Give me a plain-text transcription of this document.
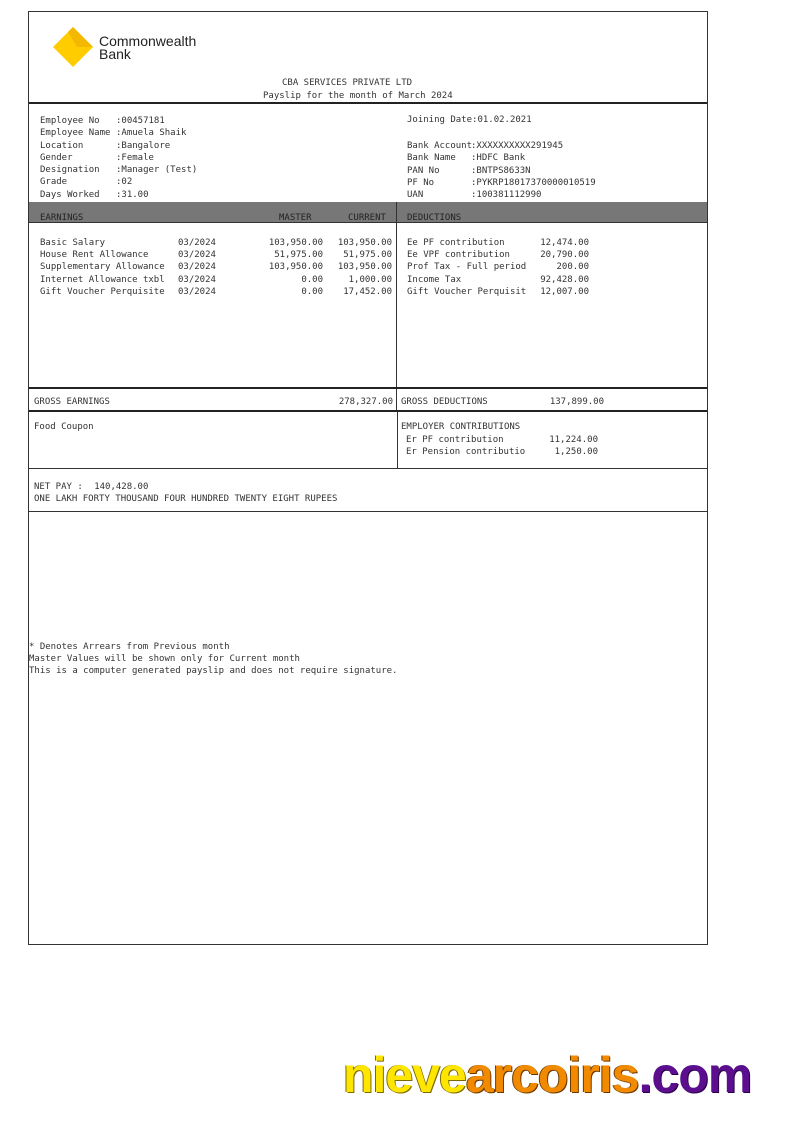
Commonwealth
Bank
CBA SERVICES PRIVATE LTD
Payslip for the month of March 2024
Employee No :00457181
Employee Name :Amuela Shaik
Location	:Bangalore
Gender	:Female
Designation :Manager (Test)
Grade	:02
Days Worked :31.00
Joining Date:01.02.2021
Bank Account:XXXXXXXXXX291945
Bank Name :HDFC Bank
PAN No	:BNTPS8633N
PF No	:PYKRP18017370000010519
UAN	:100381112990
EARNINGS	MASTER	CURRENT DEDUCTIONS
Basic Salary	03/2024	103,950.00 103,950.00
House Rent Allowance	03/2024	51,975.00 51,975.00
Supplementary Allowance 03/2024	103,950.00 103,950.00
Internet Allowance txbl 03/2024	0.00	1,000.00
Gift Voucher Perquisite 03/2024	0.00 17,452.00
Ee PF contribution	12,474.00
Ee VPF contribution	20,790.00
Prof Tax - Full period	200.00
Income Tax	92,428.00
Gift Voucher Perquisit 12,007.00
GROSS EARNINGS	278,327.00 GROSS DEDUCTIONS	137,899.00
Food Coupon	EMPLOYER CONTRIBUTIONS
Er PF contribution	11,224.00
Er Pension contributio	1,250.00
NET PAY : 140,428.00
ONE LAKH FORTY THOUSAND FOUR HUNDRED TWENTY EIGHT RUPEES
* Denotes Arrears from Previous month
Master Values will be shown only for Current month
This is a computer generated payslip and does not require signature.
nievearcoiris.com
